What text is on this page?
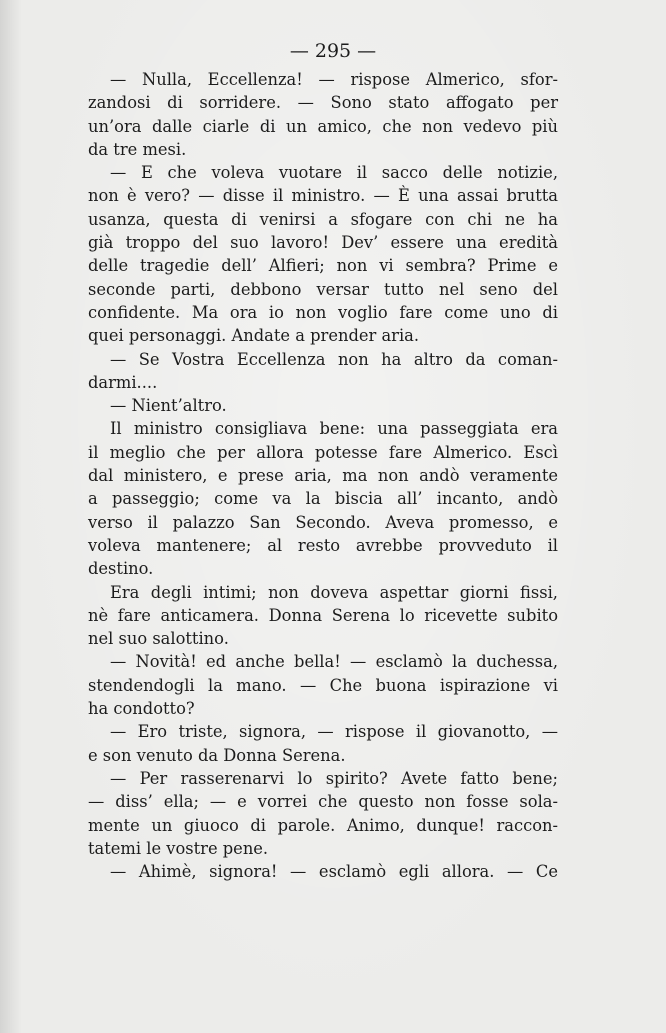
— 295 —

— Nulla, Eccellenza! — rispose Almerico, sfor-
zandosi di sorridere. — Sono stato affogato per
un’ora dalle ciarle di un amico, che non vedevo più
da tre mesi.
— E che voleva vuotare il sacco delle notizie,
non è vero? — disse il ministro. — È una assai brutta
usanza, questa di venirsi a sfogare con chi ne ha
già troppo del suo lavoro! Dev’ essere una eredità
delle tragedie dell’ Alfieri; non vi sembra? Prime e
seconde parti, debbono versar tutto nel seno del
confidente. Ma ora io non voglio fare come uno di
quei personaggi. Andate a prender aria.
— Se Vostra Eccellenza non ha altro da coman-
darmi....
— Nient’altro.
Il ministro consigliava bene: una passeggiata era
il meglio che per allora potesse fare Almerico. Escì
dal ministero, e prese aria, ma non andò veramente
a passeggio; come va la biscia all’ incanto, andò
verso il palazzo San Secondo. Aveva promesso, e
voleva mantenere; al resto avrebbe provveduto il
destino.
Era degli intimi; non doveva aspettar giorni fissi,
nè fare anticamera. Donna Serena lo ricevette subito
nel suo salottino.
— Novità! ed anche bella! — esclamò la duchessa,
stendendogli la mano. — Che buona ispirazione vi
ha condotto?
— Ero triste, signora, — rispose il giovanotto, —
e son venuto da Donna Serena.
— Per rasserenarvi lo spirito? Avete fatto bene;
— diss’ ella; — e vorrei che questo non fosse sola-
mente un giuoco di parole. Animo, dunque! raccon-
tatemi le vostre pene.
— Ahimè, signora! — esclamò egli allora. — Ce
